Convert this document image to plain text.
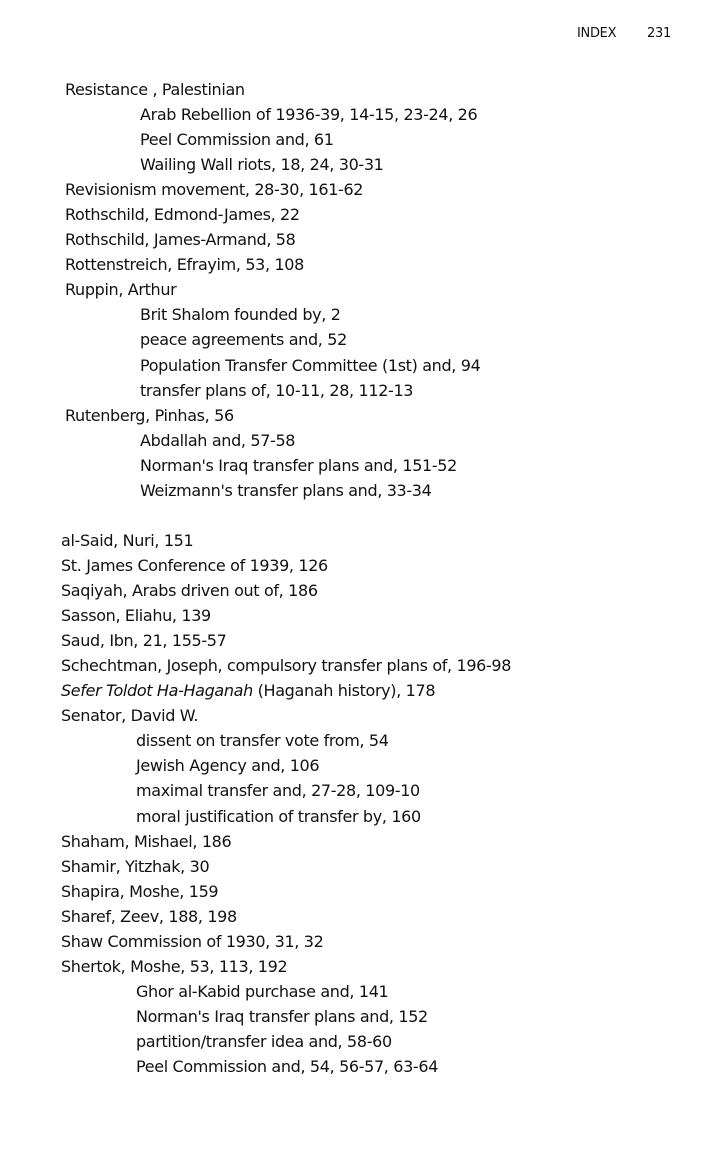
INDEX 231
Resistance , Palestinian
Arab Rebellion of 1936-39, 14-15, 23-24, 26
Peel Commission and, 61
Wailing Wall riots, 18, 24, 30-31
Revisionism movement, 28-30, 161-62
Rothschild, Edmond-James, 22
Rothschild, James-Armand, 58
Rottenstreich, Efrayim, 53, 108
Ruppin, Arthur
Brit Shalom founded by, 2
peace agreements and, 52
Population Transfer Committee (1st) and, 94
transfer plans of, 10-11, 28, 112-13
Rutenberg, Pinhas, 56
Abdallah and, 57-58
Norman's Iraq transfer plans and, 151-52
Weizmann's transfer plans and, 33-34
al-Said, Nuri, 151
St. James Conference of 1939, 126
Saqiyah, Arabs driven out of, 186
Sasson, Eliahu, 139
Saud, Ibn, 21, 155-57
Schechtman, Joseph, compulsory transfer plans of, 196-98
Sefer Toldot Ha-Haganah (Haganah history), 178
Senator, David W.
dissent on transfer vote from, 54
Jewish Agency and, 106
maximal transfer and, 27-28, 109-10
moral justification of transfer by, 160
Shaham, Mishael, 186
Shamir, Yitzhak, 30
Shapira, Moshe, 159
Sharef, Zeev, 188, 198
Shaw Commission of 1930, 31, 32
Shertok, Moshe, 53, 113, 192
Ghor al-Kabid purchase and, 141
Norman's Iraq transfer plans and, 152
partition/transfer idea and, 58-60
Peel Commission and, 54, 56-57, 63-64
